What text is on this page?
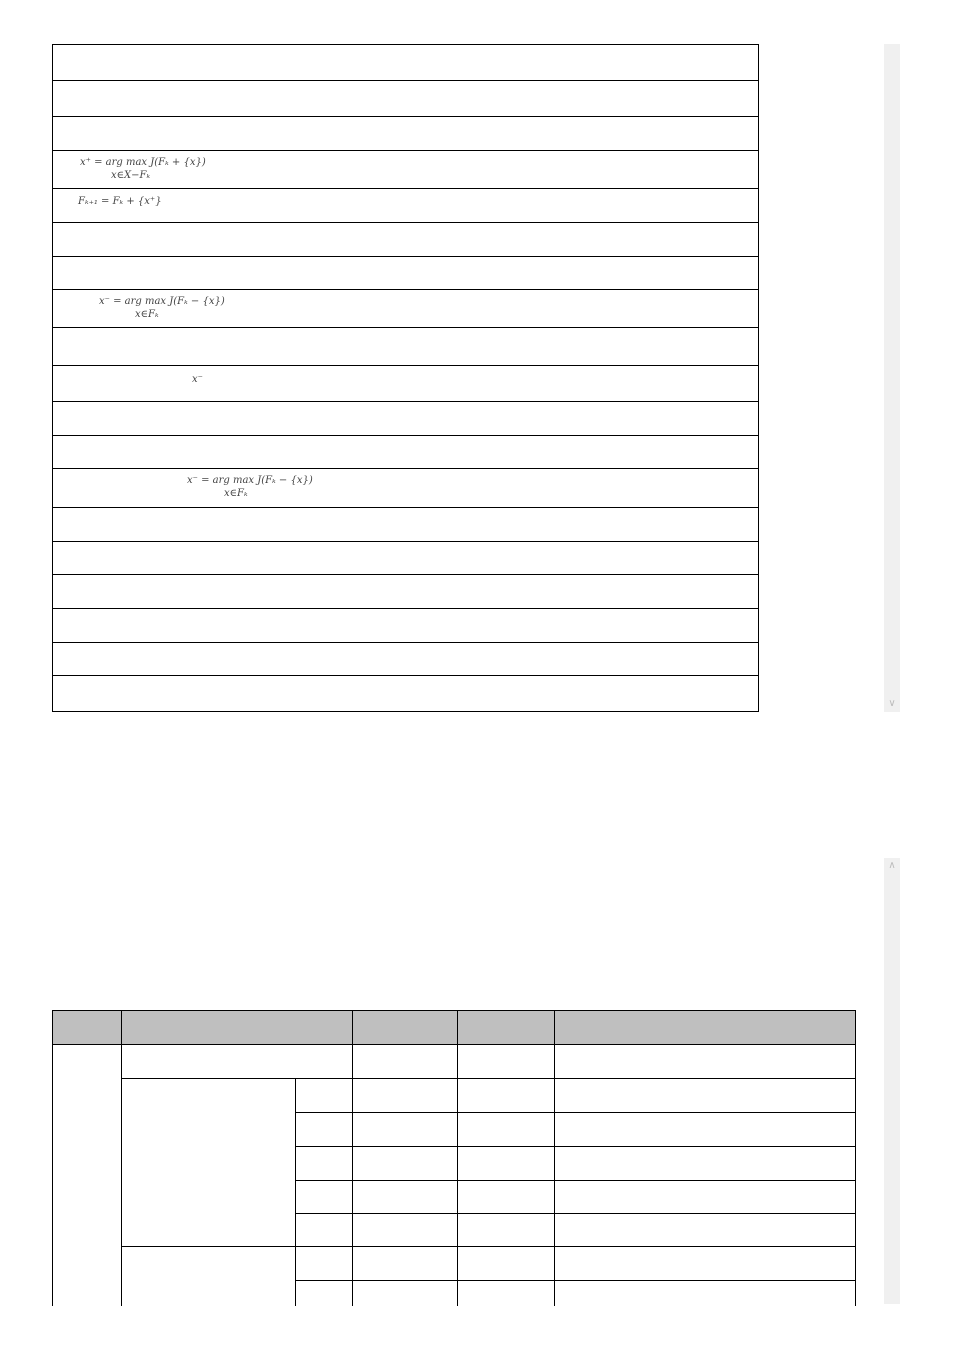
x⁺ = arg max J(Fₖ + {x})
x∈X−Fₖ
Fₖ₊₁ = Fₖ + {x⁺}
x⁻ = arg max J(Fₖ − {x})
x∈Fₖ
x⁻
x⁻ = arg max J(Fₖ − {x})
x∈Fₖ
∨
∧
